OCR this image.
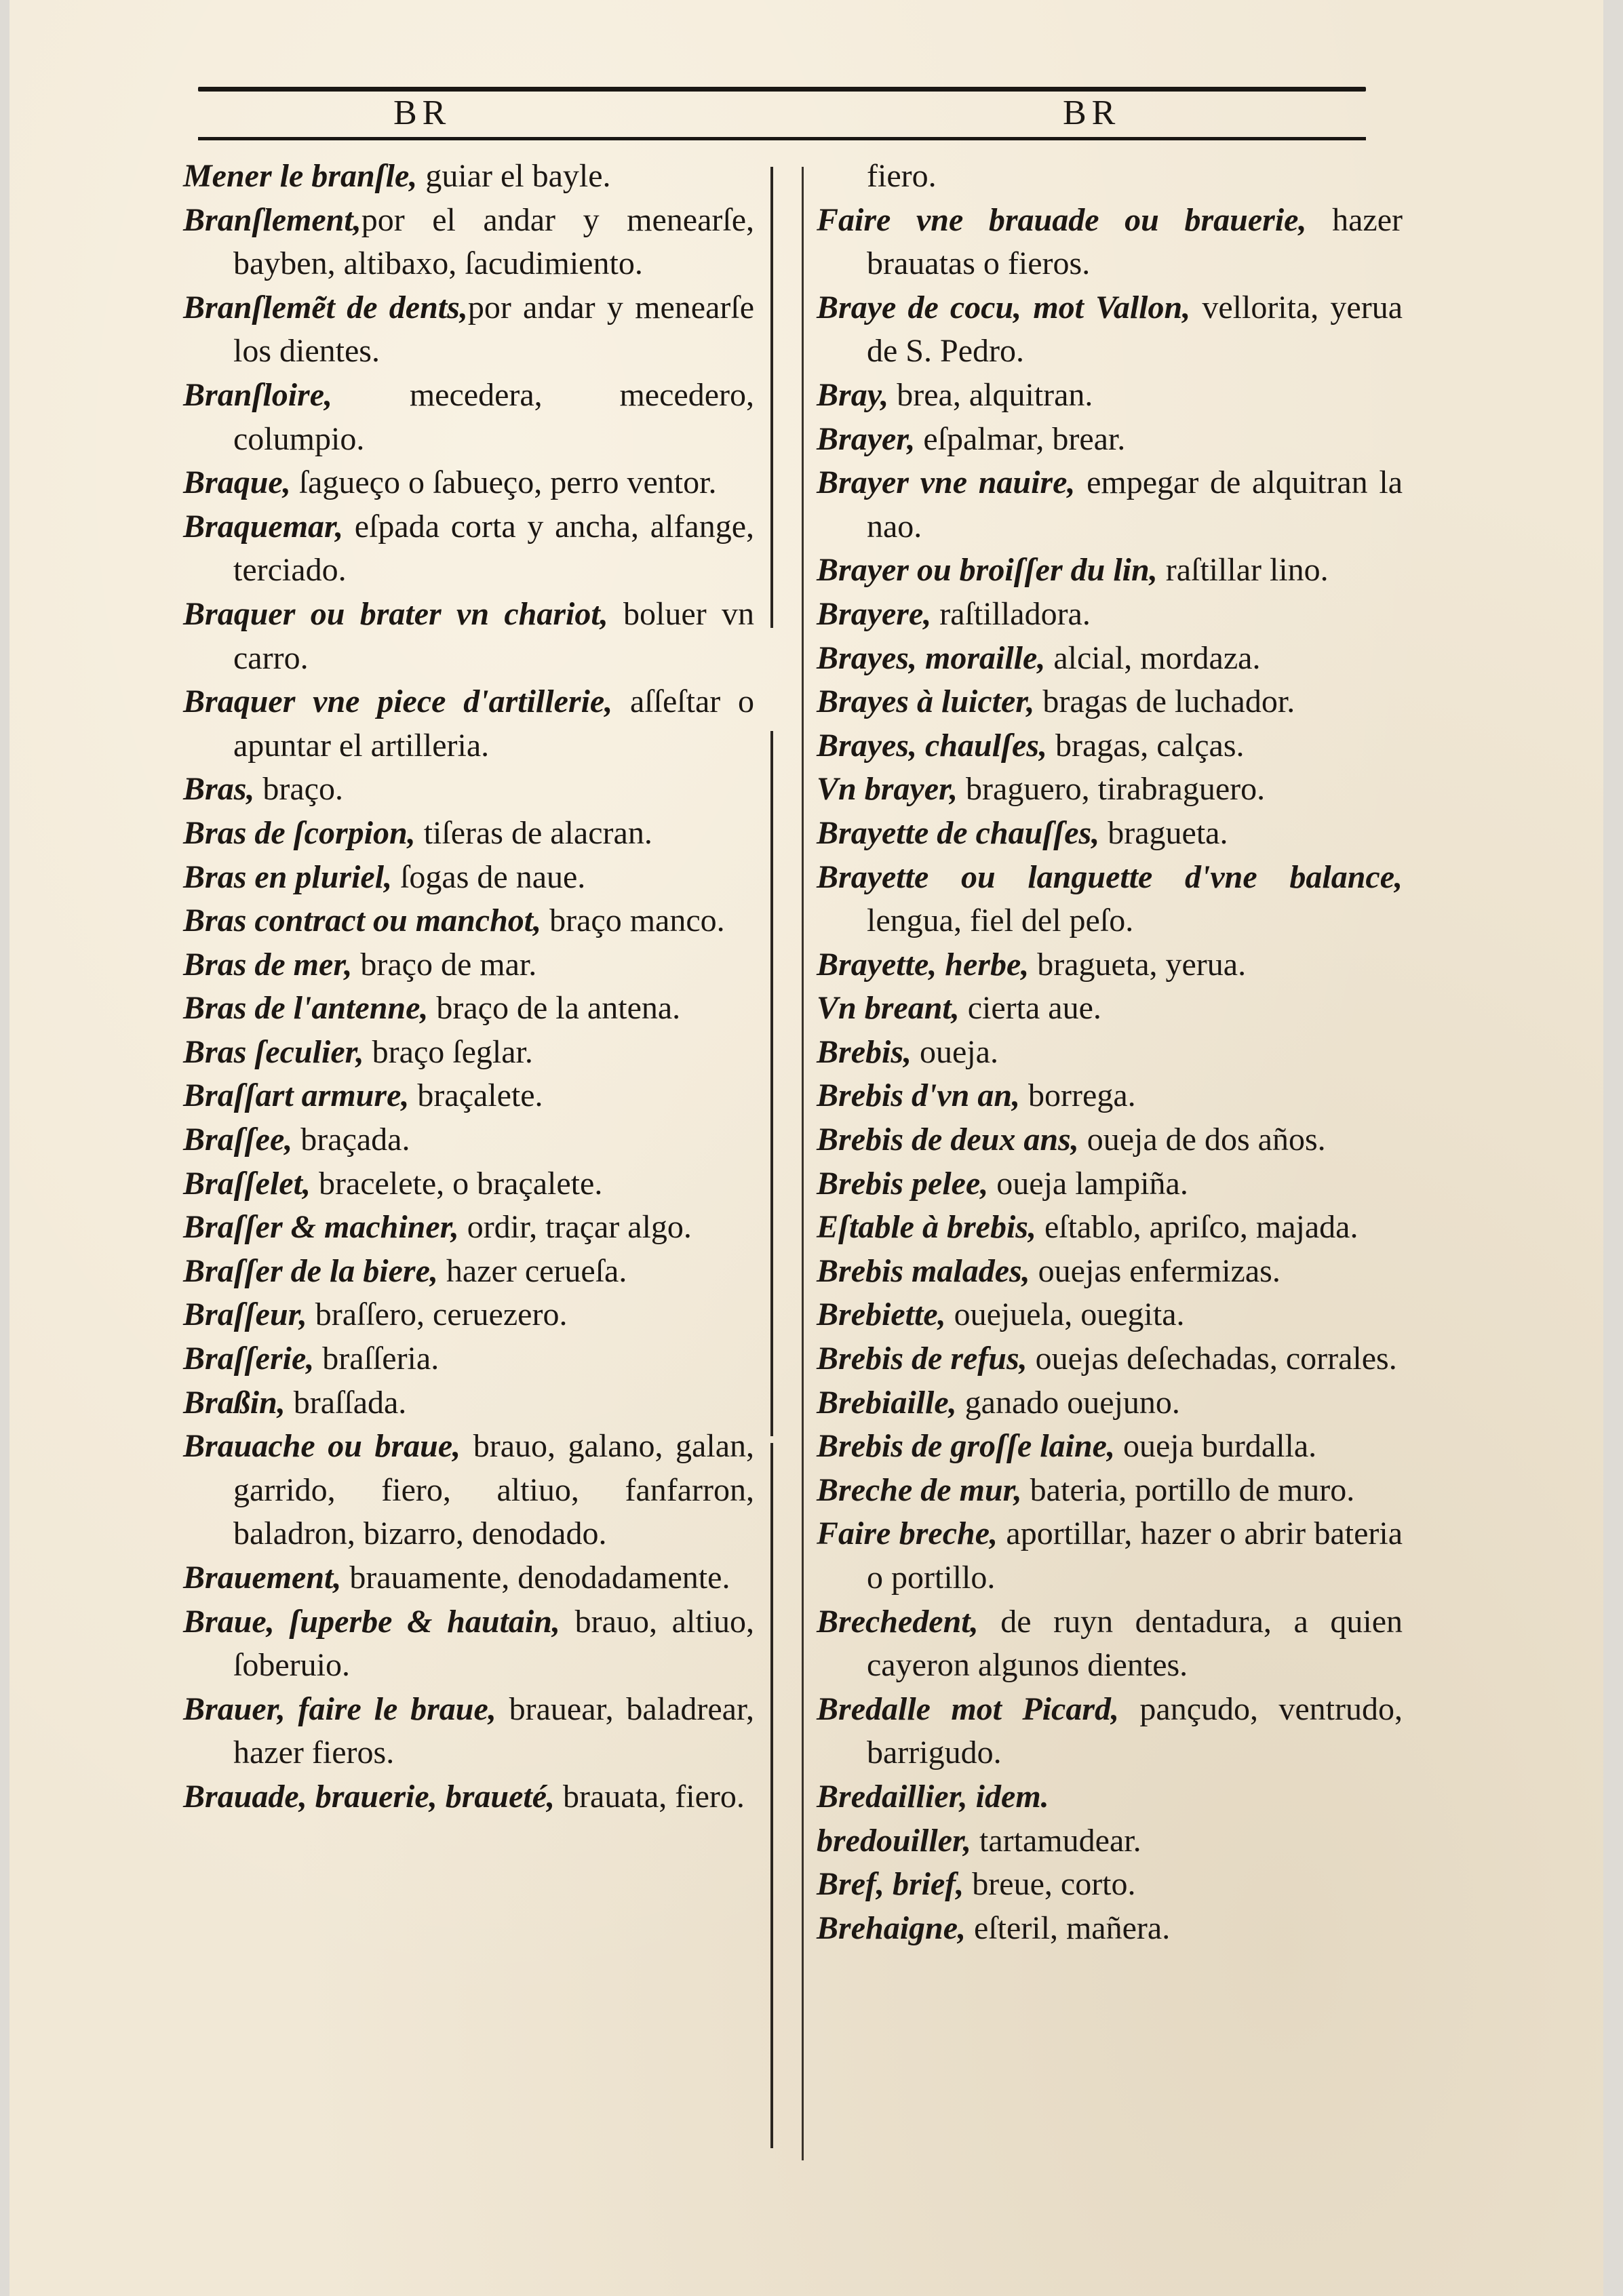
BR	BR
Mener le branſle, guiar el bayle.
Branſlement,por el andar y menearſe, bayben, altibaxo, ſacudimiento.
Branſlemẽt de dents,por andar y menearſe los dientes.
Branſloire, mecedera, mecedero, columpio.
Braque, ſagueço o ſabueço, perro ventor.
Braquemar, eſpada corta y ancha, alfange, terciado.
Braquer ou brater vn chariot, boluer vn carro.
Braquer vne piece d'artillerie, aſſeſtar o apuntar el artilleria.
Bras, braço.
Bras de ſcorpion, tiſeras de alacran.
Bras en pluriel, ſogas de naue.
Bras contract ou manchot, braço manco.
Bras de mer, braço de mar.
Bras de l'antenne, braço de la antena.
Bras ſeculier, braço ſeglar.
Braſſart armure, braçalete.
Braſſee, braçada.
Braſſelet, bracelete, o braçalete.
Braſſer & machiner, ordir, traçar algo.
Braſſer de la biere, hazer cerueſa.
Braſſeur, braſſero, ceruezero.
Braſſerie, braſſeria.
Braßin, braſſada.
Brauache ou braue, brauo, galano, galan, garrido, fiero, altiuo, fanfarron, baladron, bizarro, denodado.
Brauement, brauamente, denodadamente.
Braue, ſuperbe & hautain, brauo, altiuo, ſoberuio.
Brauer, faire le braue, brauear, baladrear, hazer fieros.
Brauade, brauerie, braueté, brauata, fiero.
fiero.
Faire vne brauade ou brauerie, hazer brauatas o fieros.
Braye de cocu, mot Vallon, vellorita, yerua de S. Pedro.
Bray, brea, alquitran.
Brayer, eſpalmar, brear.
Brayer vne nauire, empegar de alquitran la nao.
Brayer ou broiſſer du lin, raſtillar lino.
Brayere, raſtilladora.
Brayes, moraille, alcial, mordaza.
Brayes à luicter, bragas de luchador.
Brayes, chaulſes, bragas, calças.
Vn brayer, braguero, tirabraguero.
Brayette de chauſſes, bragueta.
Brayette ou languette d'vne balance, lengua, fiel del peſo.
Brayette, herbe, bragueta, yerua.
Vn breant, cierta aue.
Brebis, oueja.
Brebis d'vn an, borrega.
Brebis de deux ans, oueja de dos años.
Brebis pelee, oueja lampiña.
Eſtable à brebis, eſtablo, apriſco, majada.
Brebis malades, ouejas enfermizas.
Brebiette, ouejuela, ouegita.
Brebis de refus, ouejas deſechadas, corrales.
Brebiaille, ganado ouejuno.
Brebis de groſſe laine, oueja burdalla.
Breche de mur, bateria, portillo de muro.
Faire breche, aportillar, hazer o abrir bateria o portillo.
Brechedent, de ruyn dentadura, a quien cayeron algunos dientes.
Bredalle mot Picard, pançudo, ventrudo, barrigudo.
Bredaillier, idem.
bredouiller, tartamudear.
Bref, brief, breue, corto.
Brehaigne, eſteril, mañera.
